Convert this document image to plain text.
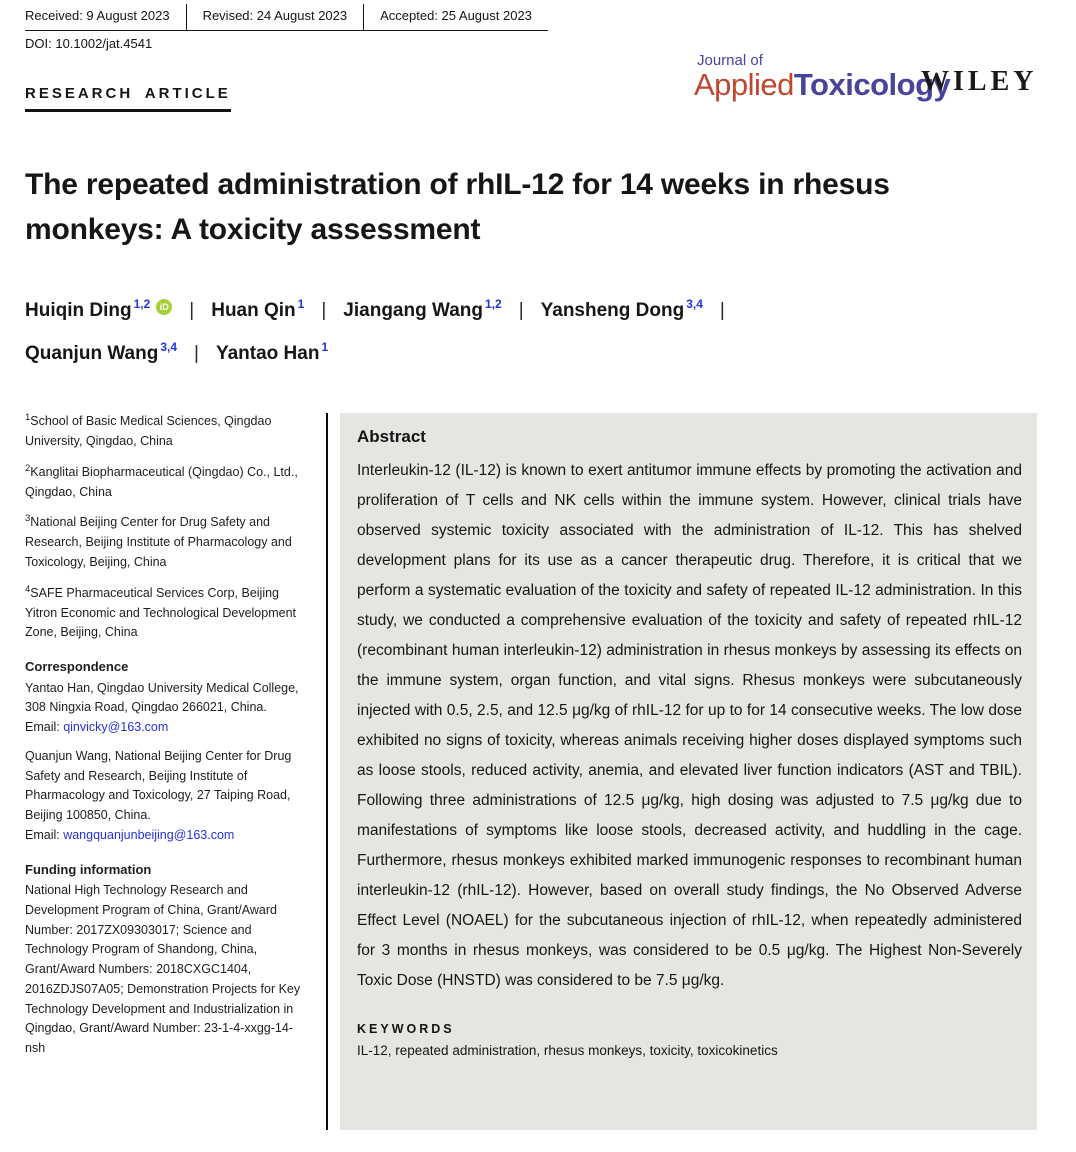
Received: 9 August 2023	Revised: 24 August 2023	Accepted: 25 August 2023
DOI: 10.1002/jat.4541
Journal of
AppliedToxicology
WILEY
RESEARCH ARTICLE
The repeated administration of rhIL-12 for 14 weeks in rhesus monkeys: A toxicity assessment
Huiqin Ding $^{1,2}$ iD | Huan Qin $^1$ | Jiangang Wang $^{1,2}$ | Yansheng Dong $^{3,4}$ |
Quanjun Wang $^{3,4}$ | Yantao Han $^1$

$^1$School of Basic Medical Sciences, Qingdao University, Qingdao, China

$^2$Kanglitai Biopharmaceutical (Qingdao) Co., Ltd., Qingdao, China

$^3$National Beijing Center for Drug Safety and Research, Beijing Institute of Pharmacology and Toxicology, Beijing, China

$^4$SAFE Pharmaceutical Services Corp, Beijing Yitron Economic and Technological Development Zone, Beijing, China

Correspondence

Yantao Han, Qingdao University Medical College, 308 Ningxia Road, Qingdao 266021, China.
Email: qinvicky@163.com

Quanjun Wang, National Beijing Center for Drug Safety and Research, Beijing Institute of Pharmacology and Toxicology, 27 Taiping Road, Beijing 100850, China.
Email: wangquanjunbeijing@163.com

Funding information

National High Technology Research and Development Program of China, Grant/Award Number: 2017ZX09303017; Science and Technology Program of Shandong, China, Grant/Award Numbers: 2018CXGC1404, 2016ZDJS07A05; Demonstration Projects for Key Technology Development and Industrialization in Qingdao, Grant/Award Number: 23-1-4-xxgg-14-nsh

Abstract
Interleukin-12 (IL-12) is known to exert antitumor immune effects by promoting the activation and proliferation of T cells and NK cells within the immune system. However, clinical trials have observed systemic toxicity associated with the administration of IL-12. This has shelved development plans for its use as a cancer therapeutic drug. Therefore, it is critical that we perform a systematic evaluation of the toxicity and safety of repeated IL-12 administration. In this study, we conducted a comprehensive evaluation of the toxicity and safety of repeated rhIL-12 (recombinant human interleukin-12) administration in rhesus monkeys by assessing its effects on the immune system, organ function, and vital signs. Rhesus monkeys were subcutaneously injected with 0.5, 2.5, and 12.5 μg/kg of rhIL-12 for up to for 14 consecutive weeks. The low dose exhibited no signs of toxicity, whereas animals receiving higher doses displayed symptoms such as loose stools, reduced activity, anemia, and elevated liver function indicators (AST and TBIL). Following three administrations of 12.5 μg/kg, high dosing was adjusted to 7.5 μg/kg due to manifestations of symptoms like loose stools, decreased activity, and huddling in the cage. Furthermore, rhesus monkeys exhibited marked immunogenic responses to recombinant human interleukin-12 (rhIL-12). However, based on overall study findings, the No Observed Adverse Effect Level (NOAEL) for the subcutaneous injection of rhIL-12, when repeatedly administered for 3 months in rhesus monkeys, was considered to be 0.5 μg/kg. The Highest Non-Severely Toxic Dose (HNSTD) was considered to be 7.5 μg/kg.
KEYWORDS
IL-12, repeated administration, rhesus monkeys, toxicity, toxicokinetics
